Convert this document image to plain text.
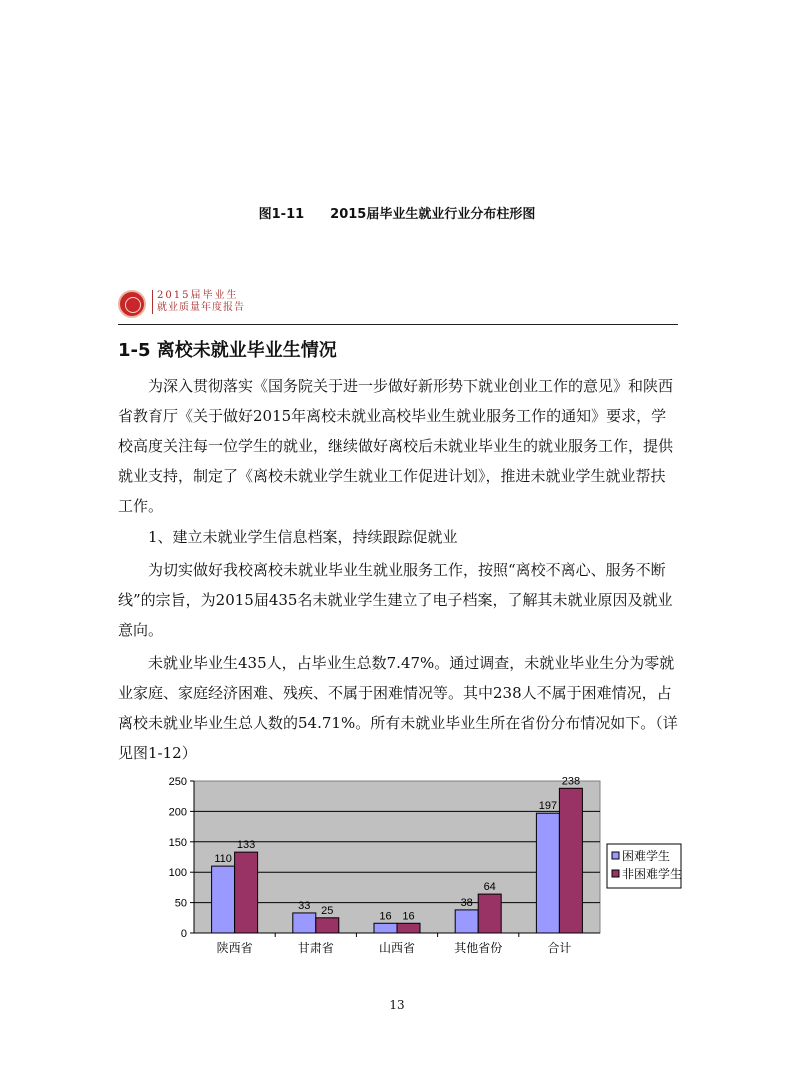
图1-11 2015届毕业生就业行业分布柱形图
2015届毕业生
就业质量年度报告
1-5 离校未就业毕业生情况

为深入贯彻落实《国务院关于进一步做好新形势下就业创业工作的意见》和陕西省教育厅《关于做好2015年离校未就业高校毕业生就业服务工作的通知》要求，学校高度关注每一位学生的就业，继续做好离校后未就业毕业生的就业服务工作，提供就业支持，制定了《离校未就业学生就业工作促进计划》，推进未就业学生就业帮扶工作。

1、建立未就业学生信息档案，持续跟踪促就业

为切实做好我校离校未就业毕业生就业服务工作，按照“离校不离心、服务不断线”的宗旨，为2015届435名未就业学生建立了电子档案，了解其未就业原因及就业意向。

未就业毕业生435人，占毕业生总数7.47%。通过调查，未就业毕业生分为零就业家庭、家庭经济困难、残疾、不属于困难情况等。其中238人不属于困难情况，占离校未就业毕业生总人数的54.71%。所有未就业毕业生所在省份分布情况如下。（详见图1-12）

0
50
100
150
200
250
110
133
陕西省
33 25
甘肃省
16 16
山西省
38
64
其他省份
197
238
合计
困难学生
非困难学生
13
